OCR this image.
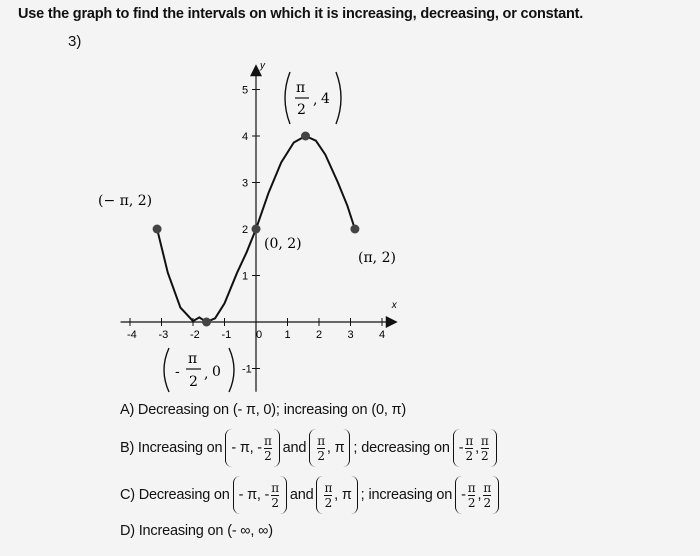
Use the graph to find the intervals on which it is increasing, decreasing, or constant.
3)
x
y
-4 -3 -2 -1 0 1 2 3 4
-1
1
2
3
4
5
(− π, 2)
(0, 2)
(π, 2)
π
2
, 4
-
π
2 , 0
A) Decreasing on (- π, 0); increasing on (0, π)
B) Increasing on - π, - $\frac{\pi}{2}$ and $\frac{\pi}{2}$ , π ; decreasing on - $\frac{\pi}{2}$ , $\frac{\pi}{2}$
C) Decreasing on - π, - $\frac{\pi}{2}$ and $\frac{\pi}{2}$ , π ; increasing on - $\frac{\pi}{2}$ , $\frac{\pi}{2}$
D) Increasing on (- ∞, ∞)
